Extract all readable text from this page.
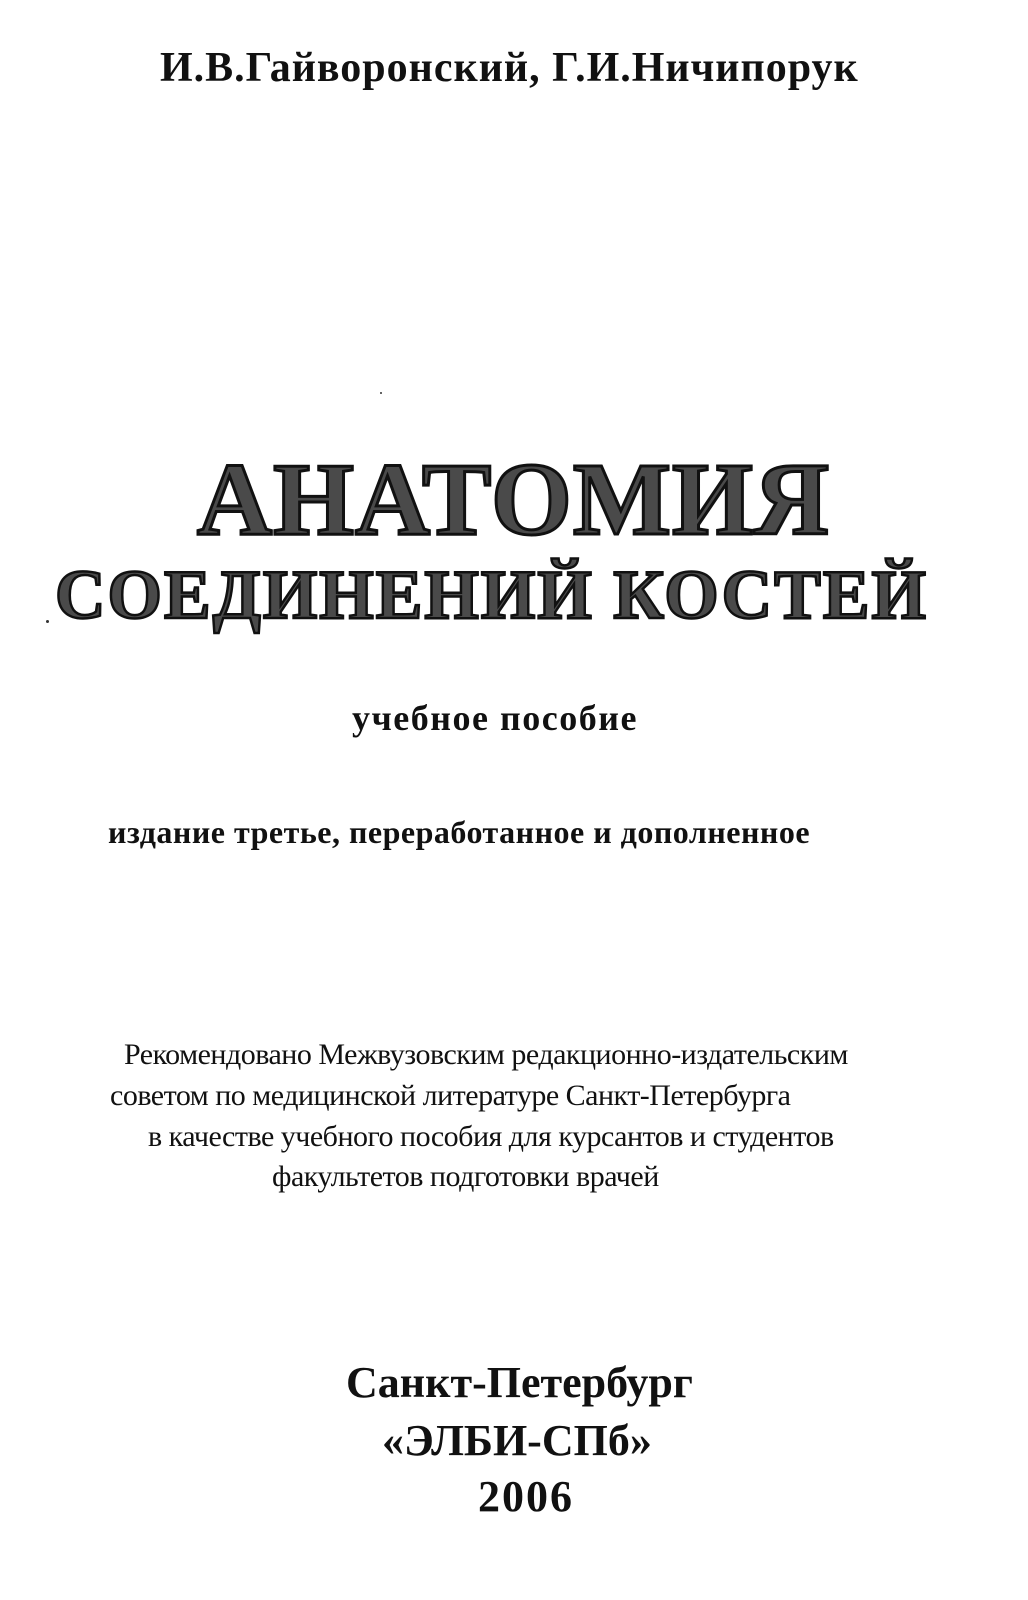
И.В.Гайворонский, Г.И.Ничипорук

АНАТОМИЯ
СОЕДИНЕНИЙ КОСТЕЙ

учебное пособие

издание третье, переработанное и дополненное

Рекомендовано Межвузовским редакционно-издательским

советом по медицинской литературе Санкт-Петербурга

в качестве учебного пособия для курсантов и студентов

факультетов подготовки врачей

Санкт-Петербург

«ЭЛБИ-СПб»

2006
